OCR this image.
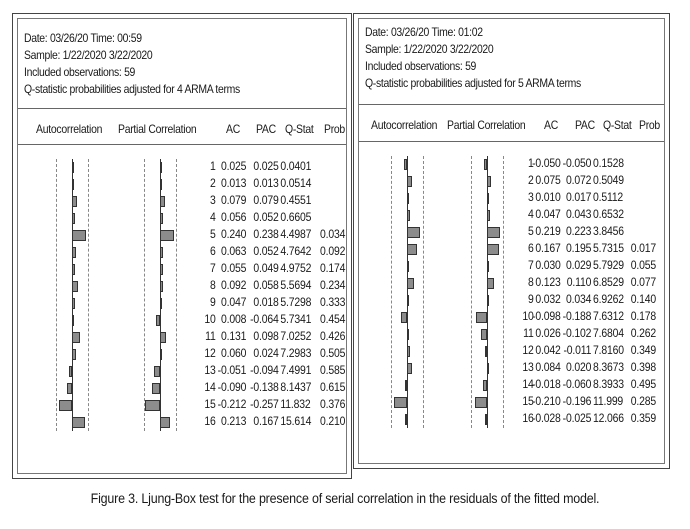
Date: 03/26/20 Time: 00:59
Sample: 1/22/2020 3/22/2020
Included observations: 59
Q-statistic probabilities adjusted for 4 ARMA terms
Autocorrelation Partial Correlation	AC PAC Q-Stat Prob
1 0.025 0.025 0.0401
2 0.013 0.013 0.0514
3 0.079 0.079 0.4551
4 0.056 0.052 0.6605
5 0.240 0.238 4.4987 0.034
6 0.063 0.052 4.7642 0.092
7 0.055 0.049 4.9752 0.174
8 0.092 0.058 5.5694 0.234
9 0.047 0.018 5.7298 0.333
10 0.008 -0.064 5.7341 0.454
11 0.131 0.098 7.0252 0.426
12 0.060 0.024 7.2983 0.505
13 -0.051 -0.094 7.4991 0.585
14 -0.090 -0.138 8.1437 0.615
15 -0.212 -0.257 11.832 0.376
16 0.213 0.167 15.614 0.210
Date: 03/26/20 Time: 01:02
Sample: 1/22/2020 3/22/2020
Included observations: 59
Q-statistic probabilities adjusted for 5 ARMA terms
Autocorrelation Partial Correlation AC PAC Q-Stat Prob
1
-0.050 -0.050 0.1528
2 0.075 0.072 0.5049
3 0.010 0.017 0.5112
4 0.047 0.043 0.6532
5 0.219 0.223 3.8456
6 0.167 0.195 5.7315 0.017
7 0.030 0.029 5.7929 0.055
8 0.123 0.110 6.8529 0.077
9 0.032 0.034 6.9262 0.140
10
-0.098 -0.188 7.6312 0.178
11 0.026 -0.102 7.6804 0.262
12 0.042 -0.011 7.8160 0.349
13 0.084 0.020 8.3673 0.398
14
-0.018 -0.060 8.3933 0.495
15
-0.210 -0.196 11.999 0.285
16
-0.028 -0.025 12.066 0.359
Figure 3. Ljung-Box test for the presence of serial correlation in the residuals of the fitted model.
